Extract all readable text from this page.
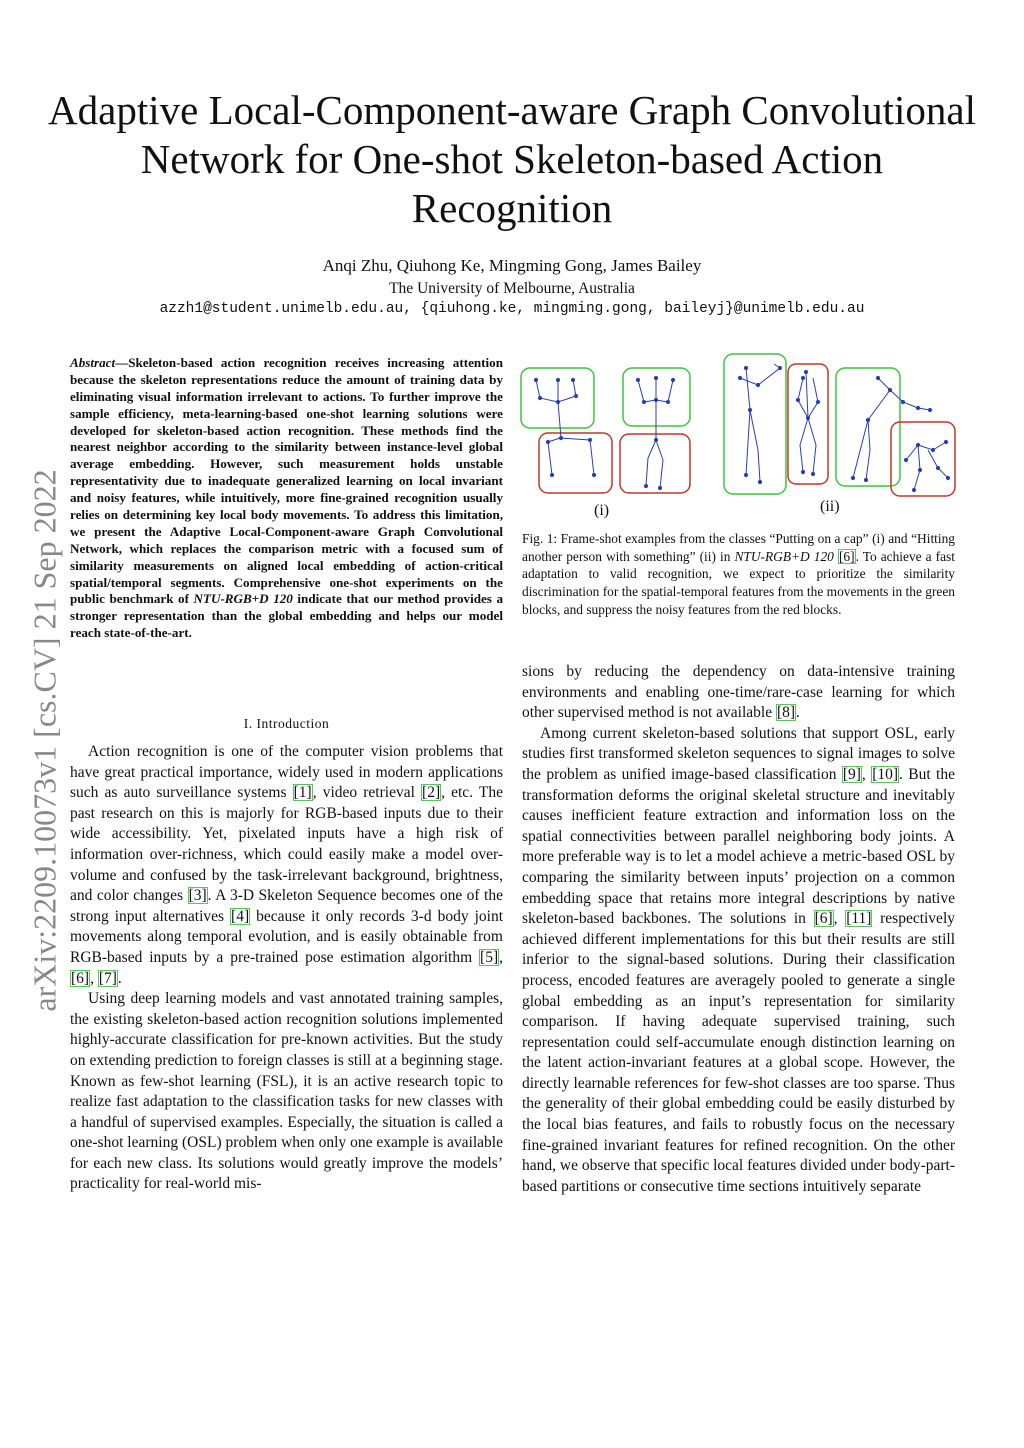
Adaptive Local-Component-aware Graph Convolutional Network for One-shot Skeleton-based Action Recognition
Anqi Zhu, Qiuhong Ke, Mingming Gong, James Bailey
The University of Melbourne, Australia
azzh1@student.unimelb.edu.au, {qiuhong.ke, mingming.gong, baileyj}@unimelb.edu.au
arXiv:2209.10073v1 [cs.CV] 21 Sep 2022
Abstract—Skeleton-based action recognition receives increasing attention because the skeleton representations reduce the amount of training data by eliminating visual information irrelevant to actions. To further improve the sample efficiency, meta-learning-based one-shot learning solutions were developed for skeleton-based action recognition. These methods find the nearest neighbor according to the similarity between instance-level global average embedding. However, such measurement holds unstable representativity due to inadequate generalized learning on local invariant and noisy features, while intuitively, more fine-grained recognition usually relies on determining key local body movements. To address this limitation, we present the Adaptive Local-Component-aware Graph Convolutional Network, which replaces the comparison metric with a focused sum of similarity measurements on aligned local embedding of action-critical spatial/temporal segments. Comprehensive one-shot experiments on the public benchmark of NTU-RGB+D 120 indicate that our method provides a stronger representation than the global embedding and helps our model reach state-of-the-art.
I. Introduction

Action recognition is one of the computer vision problems that have great practical importance, widely used in modern applications such as auto surveillance systems [1], video retrieval [2], etc. The past research on this is majorly for RGB-based inputs due to their wide accessibility. Yet, pixelated inputs have a high risk of information over-richness, which could easily make a model over-volume and confused by the task-irrelevant background, brightness, and color changes [3]. A 3-D Skeleton Sequence becomes one of the strong input alternatives [4] because it only records 3-d body joint movements along temporal evolution, and is easily obtainable from RGB-based inputs by a pre-trained pose estimation algorithm [5], [6], [7].

Using deep learning models and vast annotated training samples, the existing skeleton-based action recognition solutions implemented highly-accurate classification for pre-known activities. But the study on extending prediction to foreign classes is still at a beginning stage. Known as few-shot learning (FSL), it is an active research topic to realize fast adaptation to the classification tasks for new classes with a handful of supervised examples. Especially, the situation is called a one-shot learning (OSL) problem when only one example is available for each new class. Its solutions would greatly improve the models’ practicality for real-world mis-

(i)	(ii)
Fig. 1: Frame-shot examples from the classes “Putting on a cap” (i) and “Hitting another person with something” (ii) in NTU-RGB+D 120 [6]. To achieve a fast adaptation to valid recognition, we expect to prioritize the similarity discrimination for the spatial-temporal features from the movements in the green blocks, and suppress the noisy features from the red blocks.

sions by reducing the dependency on data-intensive training environments and enabling one-time/rare-case learning for which other supervised method is not available [8].

Among current skeleton-based solutions that support OSL, early studies first transformed skeleton sequences to signal images to solve the problem as unified image-based classification [9], [10]. But the transformation deforms the original skeletal structure and inevitably causes inefficient feature extraction and information loss on the spatial connectivities between parallel neighboring body joints. A more preferable way is to let a model achieve a metric-based OSL by comparing the similarity between inputs’ projection on a common embedding space that retains more integral descriptions by native skeleton-based backbones. The solutions in [6], [11] respectively achieved different implementations for this but their results are still inferior to the signal-based solutions. During their classification process, encoded features are averagely pooled to generate a single global embedding as an input’s representation for similarity comparison. If having adequate supervised training, such representation could self-accumulate enough distinction learning on the latent action-invariant features at a global scope. However, the directly learnable references for few-shot classes are too sparse. Thus the generality of their global embedding could be easily disturbed by the local bias features, and fails to robustly focus on the necessary fine-grained invariant features for refined recognition. On the other hand, we observe that specific local features divided under body-part-based partitions or consecutive time sections intuitively separate
